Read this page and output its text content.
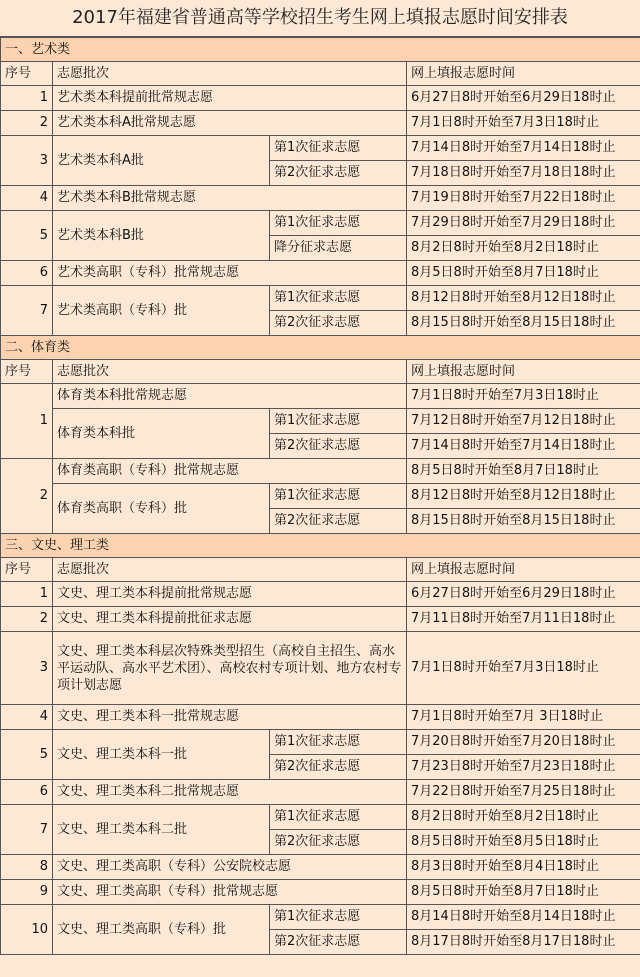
2017年福建省普通高等学校招生考生网上填报志愿时间安排表
一、艺术类			
序号	志愿批次		网上填报志愿时间
1	艺术类本科提前批常规志愿		6月27日8时开始至6月29日18时止
2	艺术类本科A批常规志愿		7月1日8时开始至7月3日18时止
3	艺术类本科A批	第1次征求志愿	7月14日8时开始至7月14日18时止
		第2次征求志愿	7月18日8时开始至7月18日18时止
4	艺术类本科B批常规志愿		7月19日8时开始至7月22日18时止
5	艺术类本科B批	第1次征求志愿	7月29日8时开始至7月29日18时止
		降分征求志愿	8月2日8时开始至8月2日18时止
6	艺术类高职（专科）批常规志愿		8月5日8时开始至8月7日18时止
7	艺术类高职（专科）批	第1次征求志愿	8月12日8时开始至8月12日18时止
		第2次征求志愿	8月15日8时开始至8月15日18时止
二、体育类			
序号	志愿批次		网上填报志愿时间
1	体育类本科批常规志愿		7月1日8时开始至7月3日18时止
	体育类本科批	第1次征求志愿	7月12日8时开始至7月12日18时止
		第2次征求志愿	7月14日8时开始至7月14日18时止
2	体育类高职（专科）批常规志愿		8月5日8时开始至8月7日18时止
	体育类高职（专科）批	第1次征求志愿	8月12日8时开始至8月12日18时止
		第2次征求志愿	8月15日8时开始至8月15日18时止
三、文史、理工类			
序号	志愿批次		网上填报志愿时间
1	文史、理工类本科提前批常规志愿		6月27日8时开始至6月29日18时止
2	文史、理工类本科提前批征求志愿		7月11日8时开始至7月11日18时止
3	文史、理工类本科层次特殊类型招生（高校自主招生、高水平运动队、高水平艺术团）、高校农村专项计划、地方农村专项计划志愿		7月1日8时开始至7月3日18时止
4	文史、理工类本科一批常规志愿		7月1日8时开始至7月 3日18时止
5	文史、理工类本科一批	第1次征求志愿	7月20日8时开始至7月20日18时止
		第2次征求志愿	7月23日8时开始至7月23日18时止
6	文史、理工类本科二批常规志愿		7月22日8时开始至7月25日18时止
7	文史、理工类本科二批	第1次征求志愿	8月2日8时开始至8月2日18时止
		第2次征求志愿	8月5日8时开始至8月5日18时止
8	文史、理工类高职（专科）公安院校志愿		8月3日8时开始至8月4日18时止
9	文史、理工类高职（专科）批常规志愿		8月5日8时开始至8月7日18时止
10	文史、理工类高职（专科）批	第1次征求志愿	8月14日8时开始至8月14日18时止
		第2次征求志愿	8月17日8时开始至8月17日18时止
